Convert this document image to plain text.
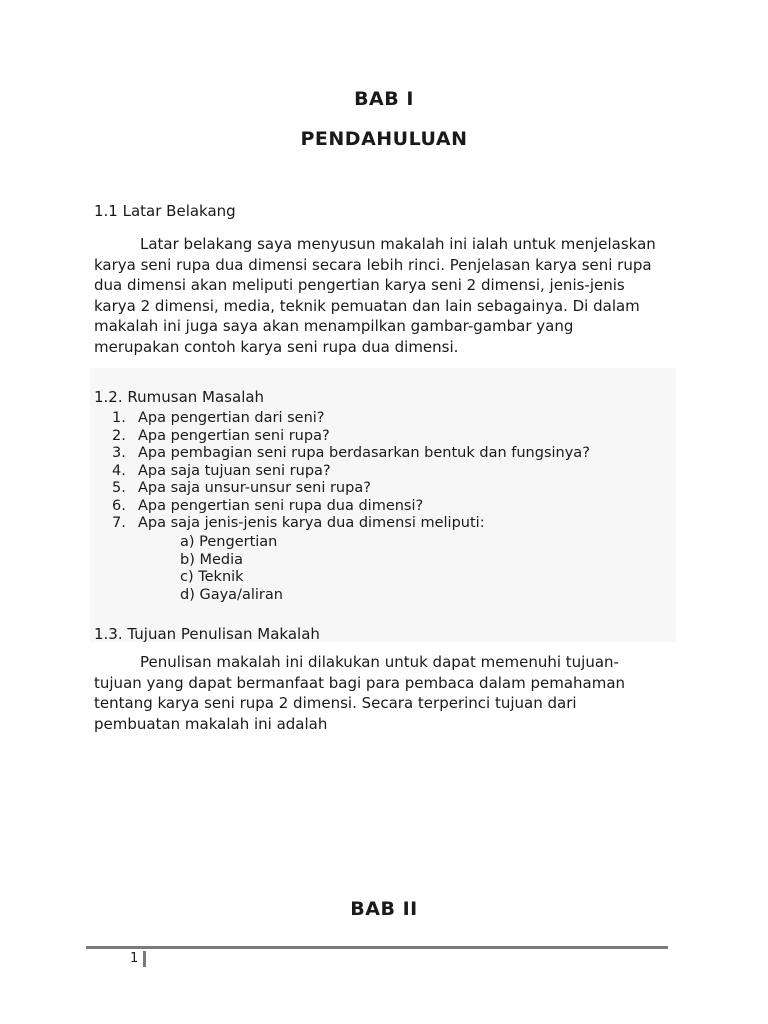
BAB I
PENDAHULUAN
1.1 Latar Belakang
Latar belakang saya menyusun makalah ini ialah untuk menjelaskan
karya seni rupa dua dimensi secara lebih rinci. Penjelasan karya seni rupa
dua dimensi akan meliputi pengertian karya seni 2 dimensi, jenis-jenis
karya 2 dimensi, media, teknik pemuatan dan lain sebagainya. Di dalam
makalah ini juga saya akan menampilkan gambar-gambar yang
merupakan contoh karya seni rupa dua dimensi.
1.2. Rumusan Masalah
1. Apa pengertian dari seni?
2. Apa pengertian seni rupa?
3. Apa pembagian seni rupa berdasarkan bentuk dan fungsinya?
4. Apa saja tujuan seni rupa?
5. Apa saja unsur-unsur seni rupa?
6. Apa pengertian seni rupa dua dimensi?
7. Apa saja jenis-jenis karya dua dimensi meliputi:
a) Pengertian
b) Media
c) Teknik
d) Gaya/aliran
1.3. Tujuan Penulisan Makalah
Penulisan makalah ini dilakukan untuk dapat memenuhi tujuan-
tujuan yang dapat bermanfaat bagi para pembaca dalam pemahaman
tentang karya seni rupa 2 dimensi. Secara terperinci tujuan dari
pembuatan makalah ini adalah
BAB II
1
